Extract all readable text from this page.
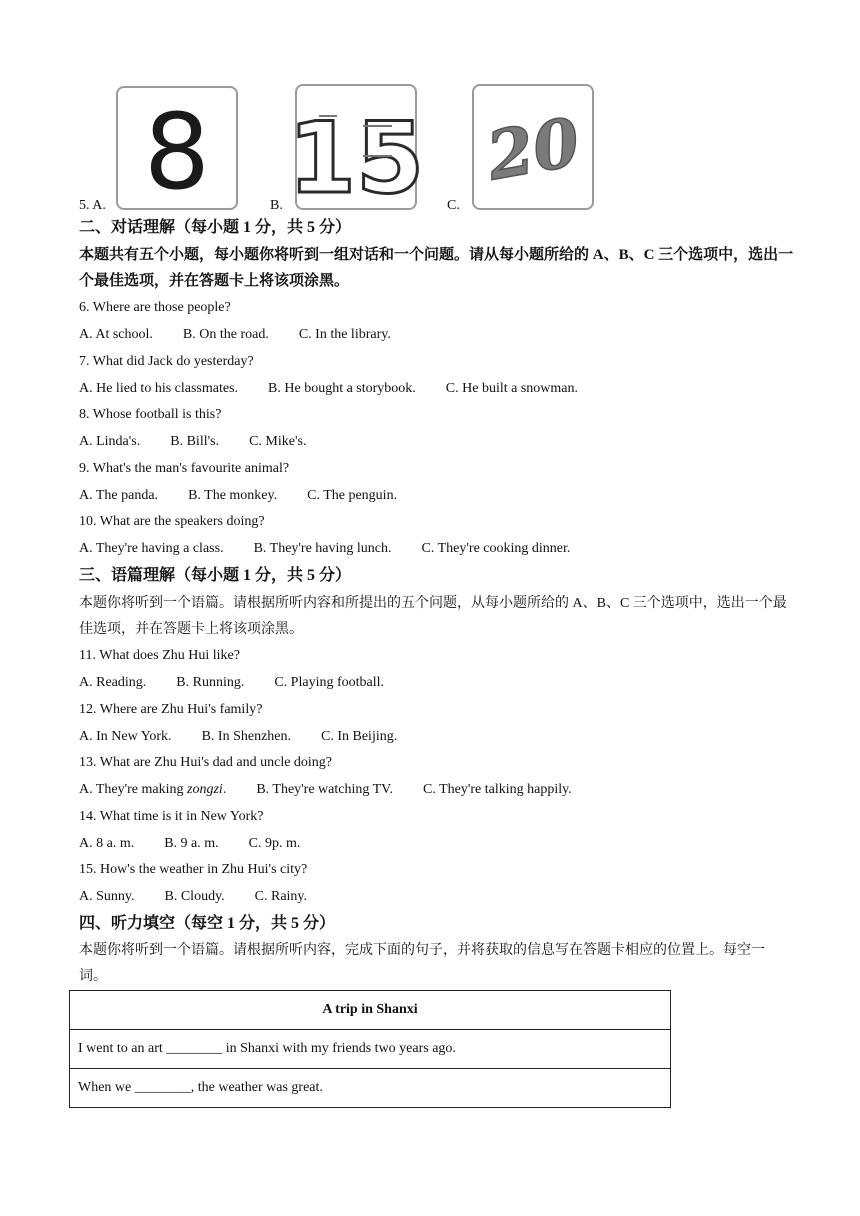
8 15 20
5. A.	B.	C.
二、对话理解（每小题 1 分，共 5 分）
本题共有五个小题，每小题你将听到一组对话和一个问题。请从每小题所给的 A、B、C 三个选项中，选出一个最佳选项，并在答题卡上将该项涂黑。
6. Where are those people?
A. At school. B. On the road. C. In the library.
7. What did Jack do yesterday?
A. He lied to his classmates. B. He bought a storybook. C. He built a snowman.
8. Whose football is this?
A. Linda's. B. Bill's. C. Mike's.
9. What's the man's favourite animal?
A. The panda. B. The monkey. C. The penguin.
10. What are the speakers doing?
A. They're having a class. B. They're having lunch. C. They're cooking dinner.
三、语篇理解（每小题 1 分，共 5 分）
本题你将听到一个语篇。请根据所听内容和所提出的五个问题，从每小题所给的 A、B、C 三个选项中，选出一个最佳选项，并在答题卡上将该项涂黑。
11. What does Zhu Hui like?
A. Reading. B. Running. C. Playing football.
12. Where are Zhu Hui's family?
A. In New York. B. In Shenzhen. C. In Beijing.
13. What are Zhu Hui's dad and uncle doing?
A. They're making zongzi. B. They're watching TV. C. They're talking happily.
14. What time is it in New York?
A. 8 a. m. B. 9 a. m. C. 9p. m.
15. How's the weather in Zhu Hui's city?
A. Sunny. B. Cloudy. C. Rainy.
四、听力填空（每空 1 分，共 5 分）
本题你将听到一个语篇。请根据所听内容，完成下面的句子，并将获取的信息写在答题卡相应的位置上。每空一词。
A trip in Shanxi
I went to an art ________ in Shanxi with my friends two years ago.
When we ________, the weather was great.
